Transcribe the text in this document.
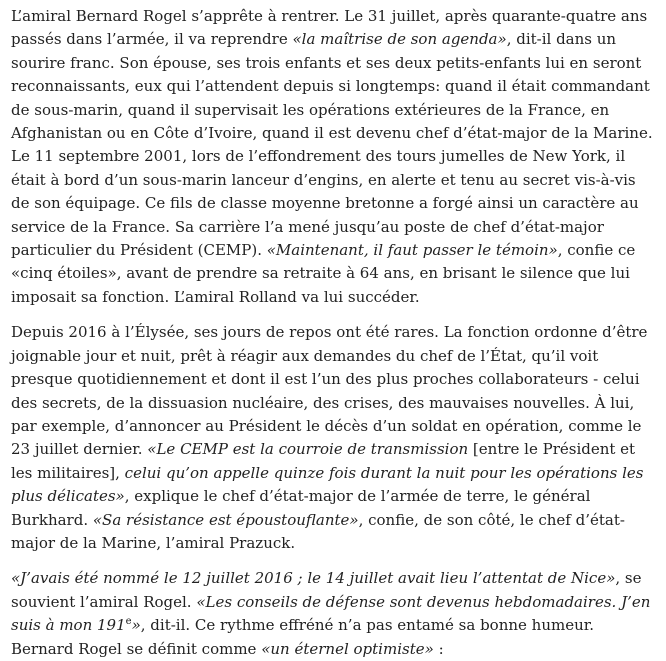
L’amiral Bernard Rogel s’apprête à rentrer. Le 31 juillet, après quarante-quatre ans passés dans l’armée, il va reprendre «la maîtrise de son agenda», dit-il dans un sourire franc. Son épouse, ses trois enfants et ses deux petits-enfants lui en seront reconnaissants, eux qui l’attendent depuis si longtemps: quand il était commandant de sous-marin, quand il supervisait les opérations extérieures de la France, en Afghanistan ou en Côte d’Ivoire, quand il est devenu chef d’état-major de la Marine. Le 11 septembre 2001, lors de l’effondrement des tours jumelles de New York, il était à bord d’un sous-marin lanceur d’engins, en alerte et tenu au secret vis-à-vis de son équipage. Ce fils de classe moyenne bretonne a forgé ainsi un caractère au service de la France. Sa carrière l’a mené jusqu’au poste de chef d’état-major particulier du Président (CEMP). «Maintenant, il faut passer le témoin», confie ce «cinq étoiles», avant de prendre sa retraite à 64 ans, en brisant le silence que lui imposait sa fonction. L’amiral Rolland va lui succéder.

Depuis 2016 à l’Élysée, ses jours de repos ont été rares. La fonction ordonne d’être joignable jour et nuit, prêt à réagir aux demandes du chef de l’État, qu’il voit presque quotidiennement et dont il est l’un des plus proches collaborateurs - celui des secrets, de la dissuasion nucléaire, des crises, des mauvaises nouvelles. À lui, par exemple, d’annoncer au Président le décès d’un soldat en opération, comme le 23 juillet dernier. «Le CEMP est la courroie de transmission [entre le Président et les militaires], celui qu’on appelle quinze fois durant la nuit pour les opérations les plus délicates», explique le chef d’état-major de l’armée de terre, le général Burkhard. «Sa résistance est époustouflante», confie, de son côté, le chef d’état-major de la Marine, l’amiral Prazuck.

«J’avais été nommé le 12 juillet 2016 ; le 14 juillet avait lieu l’attentat de Nice», se souvient l’amiral Rogel. «Les conseils de défense sont devenus hebdomadaires. J’en suis à mon 191e», dit-il. Ce rythme effréné n’a pas entamé sa bonne humeur. Bernard Rogel se définit comme «un éternel optimiste» :
